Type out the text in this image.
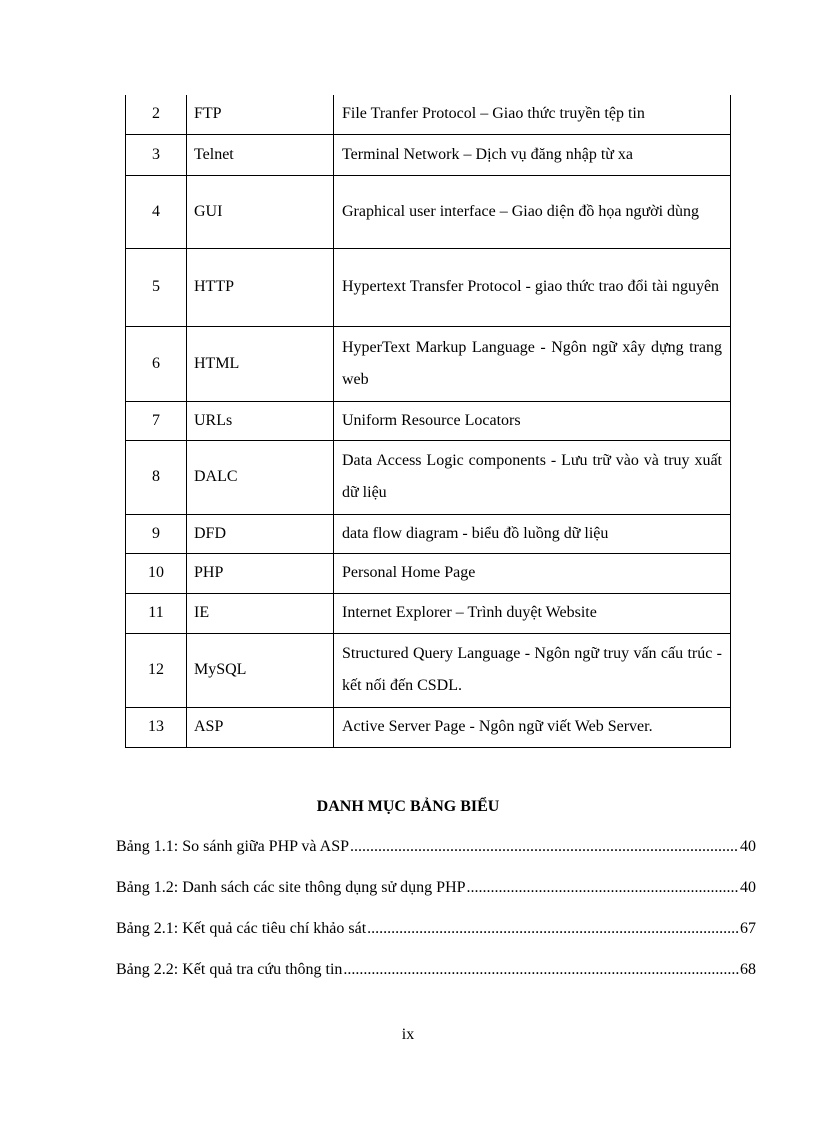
2	FTP	File Tranfer Protocol – Giao thức truyền tệp tin
3	Telnet	Terminal Network – Dịch vụ đăng nhập từ xa
4	GUI	Graphical user interface – Giao diện đồ họa người dùng
5	HTTP	Hypertext Transfer Protocol - giao thức trao đổi tài nguyên
6	HTML	HyperText Markup Language - Ngôn ngữ xây dựng trang web
7	URLs	Uniform Resource Locators
8	DALC	Data Access Logic components - Lưu trữ vào và truy xuất dữ liệu
9	DFD	data flow diagram - biểu đồ luồng dữ liệu
10	PHP	Personal Home Page
11	IE	Internet Explorer – Trình duyệt Website
12	MySQL	Structured Query Language - Ngôn ngữ truy vấn cấu trúc - kết nối đến CSDL.
13	ASP	Active Server Page - Ngôn ngữ viết Web Server.
DANH MỤC BẢNG BIỂU
Bảng 1.1: So sánh giữa PHP và ASP .....	40
Bảng 1.2: Danh sách các site thông dụng sử dụng PHP .....	40
Bảng 2.1: Kết quả các tiêu chí khảo sát .....	67
Bảng 2.2: Kết quả tra cứu thông tin .....	68
ix
